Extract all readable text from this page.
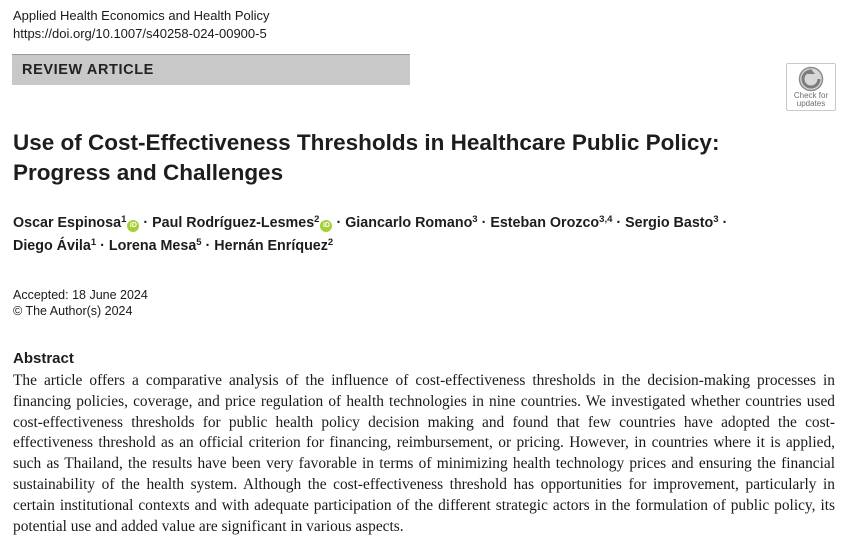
Applied Health Economics and Health Policy
https://doi.org/10.1007/s40258-024-00900-5
REVIEW ARTICLE
Check for
updates
Use of Cost-Effectiveness Thresholds in Healthcare Public Policy:
Progress and Challenges
Oscar Espinosa$^1$iD · Paul Rodríguez-Lesmes$^2$iD · Giancarlo Romano$^3$ · Esteban Orozco$^{3,4}$ · Sergio Basto$^3$ ·
Diego Ávila$^1$ · Lorena Mesa$^5$ · Hernán Enríquez$^2$
Accepted: 18 June 2024
© The Author(s) 2024
Abstract

The article offers a comparative analysis of the influence of cost-effectiveness thresholds in the decision-making processes in financing policies, coverage, and price regulation of health technologies in nine countries. We investigated whether countries used cost-effectiveness thresholds for public health policy decision making and found that few countries have adopted the cost-effectiveness threshold as an official criterion for financing, reimbursement, or pricing. However, in countries where it is applied, such as Thailand, the results have been very favorable in terms of minimizing health technology prices and ensuring the financial sustainability of the health system. Although the cost-effectiveness threshold has opportunities for improvement, particularly in certain institutional contexts and with adequate participation of the different strategic actors in the formulation of public policy, its potential use and added value are significant in various aspects.
